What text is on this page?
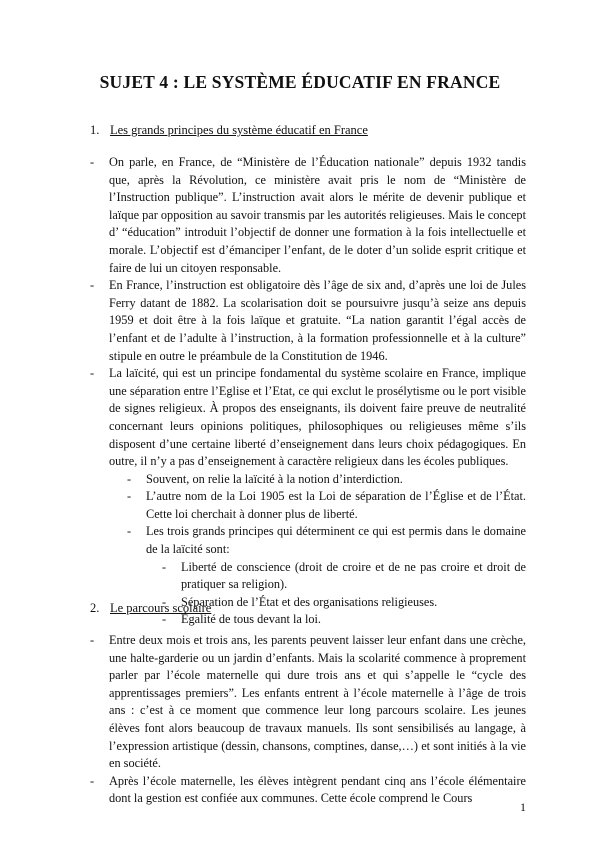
SUJET 4 : LE SYSTÈME ÉDUCATIF EN FRANCE
1. Les grands principes du système éducatif en France
- On parle, en France, de “Ministère de l’Éducation nationale” depuis 1932 tandis que, après la Révolution, ce ministère avait pris le nom de “Ministère de l’Instruction publique”. L’instruction avait alors le mérite de devenir publique et laïque par opposition au savoir transmis par les autorités religieuses. Mais le concept d’ “éducation” introduit l’objectif de donner une formation à la fois intellectuelle et morale. L’objectif est d’émanciper l’enfant, de le doter d’un solide esprit critique et faire de lui un citoyen responsable.
- En France, l’instruction est obligatoire dès l’âge de six and, d’après une loi de Jules Ferry datant de 1882. La scolarisation doit se poursuivre jusqu’à seize ans depuis 1959 et doit être à la fois laïque et gratuite. “La nation garantit l’égal accès de l’enfant et de l’adulte à l’instruction, à la formation professionnelle et à la culture” stipule en outre le préambule de la Constitution de 1946.
- La laïcité, qui est un principe fondamental du système scolaire en France, implique une séparation entre l’Eglise et l’Etat, ce qui exclut le prosélytisme ou le port visible de signes religieux. À propos des enseignants, ils doivent faire preuve de neutralité concernant leurs opinions politiques, philosophiques ou religieuses même s’ils disposent d’une certaine liberté d’enseignement dans leurs choix pédagogiques. En outre, il n’y a pas d’enseignement à caractère religieux dans les écoles publiques.
- Souvent, on relie la laïcité à la notion d’interdiction.
- L’autre nom de la Loi 1905 est la Loi de séparation de l’Église et de l’État. Cette loi cherchait à donner plus de liberté.
- Les trois grands principes qui déterminent ce qui est permis dans le domaine de la laïcité sont:
- Liberté de conscience (droit de croire et de ne pas croire et droit de pratiquer sa religion).
- Séparation de l’État et des organisations religieuses.
- Égalité de tous devant la loi.
2. Le parcours scolaire
- Entre deux mois et trois ans, les parents peuvent laisser leur enfant dans une crèche, une halte-garderie ou un jardin d’enfants. Mais la scolarité commence à proprement parler par l’école maternelle qui dure trois ans et qui s’appelle le “cycle des apprentissages premiers”. Les enfants entrent à l’école maternelle à l’âge de trois ans : c’est à ce moment que commence leur long parcours scolaire. Les jeunes élèves font alors beaucoup de travaux manuels. Ils sont sensibilisés au langage, à l’expression artistique (dessin, chansons, comptines, danse,…) et sont initiés à la vie en société.
- Après l’école maternelle, les élèves intègrent pendant cinq ans l’école élémentaire dont la gestion est confiée aux communes. Cette école comprend le Cours
1
